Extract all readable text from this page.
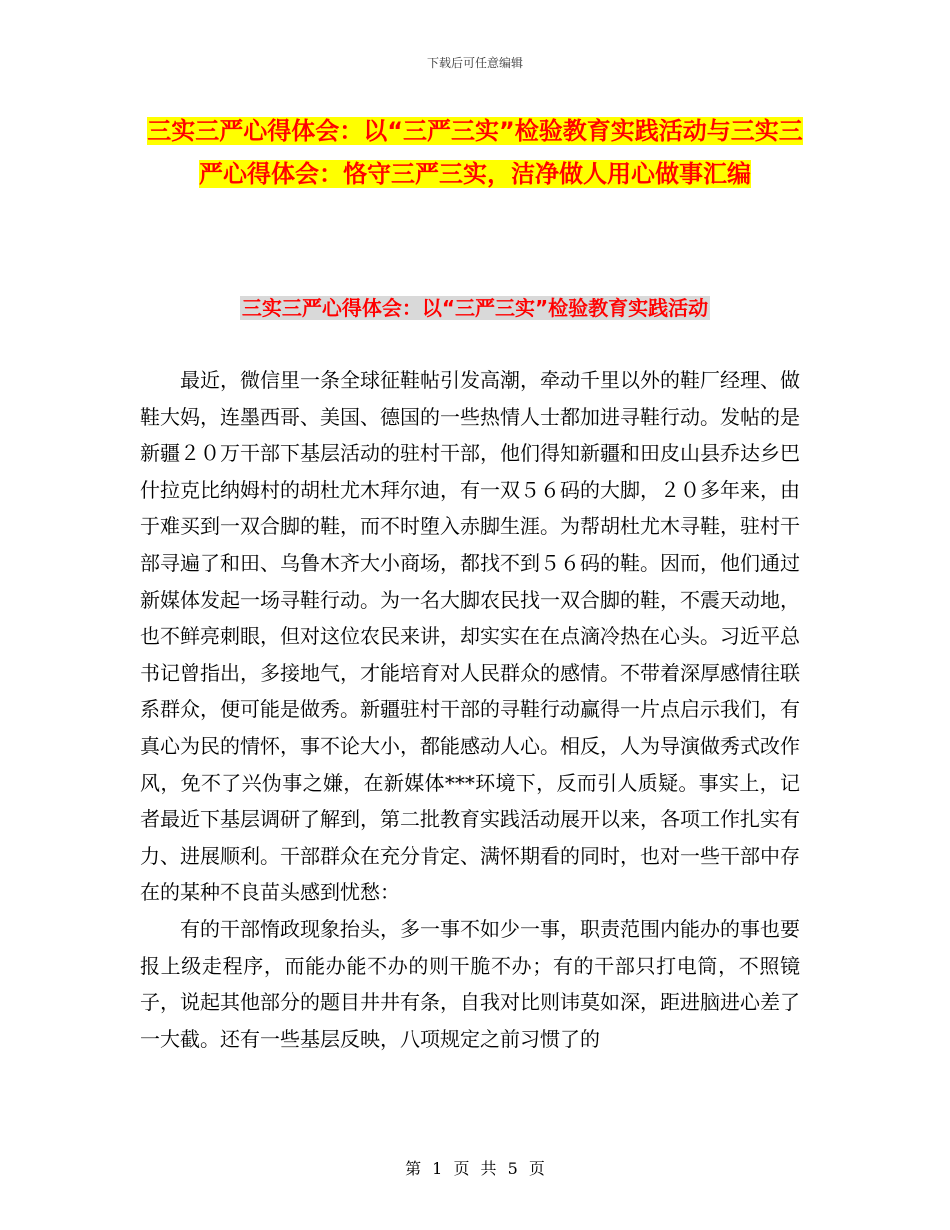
下载后可任意编辑
三实三严心得体会：以“三严三实”检验教育实践活动与三实三严心得体会：恪守三严三实，洁净做人用心做事汇编
三实三严心得体会：以“三严三实”检验教育实践活动

最近，微信里一条全球征鞋帖引发高潮，牵动千里以外的鞋厂经理、做鞋大妈，连墨西哥、美国、德国的一些热情人士都加进寻鞋行动。发帖的是新疆２０万干部下基层活动的驻村干部，他们得知新疆和田皮山县乔达乡巴什拉克比纳姆村的胡杜尤木拜尔迪，有一双５６码的大脚，２０多年来，由于难买到一双合脚的鞋，而不时堕入赤脚生涯。为帮胡杜尤木寻鞋，驻村干部寻遍了和田、乌鲁木齐大小商场，都找不到５６码的鞋。因而，他们通过新媒体发起一场寻鞋行动。为一名大脚农民找一双合脚的鞋，不震天动地，也不鲜亮刺眼，但对这位农民来讲，却实实在在点滴冷热在心头。习近平总书记曾指出，多接地气，才能培育对人民群众的感情。不带着深厚感情往联系群众，便可能是做秀。新疆驻村干部的寻鞋行动赢得一片点启示我们，有真心为民的情怀，事不论大小，都能感动人心。相反，人为导演做秀式改作风，免不了兴伪事之嫌，在新媒体***环境下，反而引人质疑。事实上，记者最近下基层调研了解到，第二批教育实践活动展开以来，各项工作扎实有力、进展顺利。干部群众在充分肯定、满怀期看的同时，也对一些干部中存在的某种不良苗头感到忧愁：

有的干部惰政现象抬头，多一事不如少一事，职责范围内能办的事也要报上级走程序，而能办能不办的则干脆不办；有的干部只打电筒，不照镜子，说起其他部分的题目井井有条，自我对比则讳莫如深，距进脑进心差了一大截。还有一些基层反映，八项规定之前习惯了的

第 1 页 共 5 页
